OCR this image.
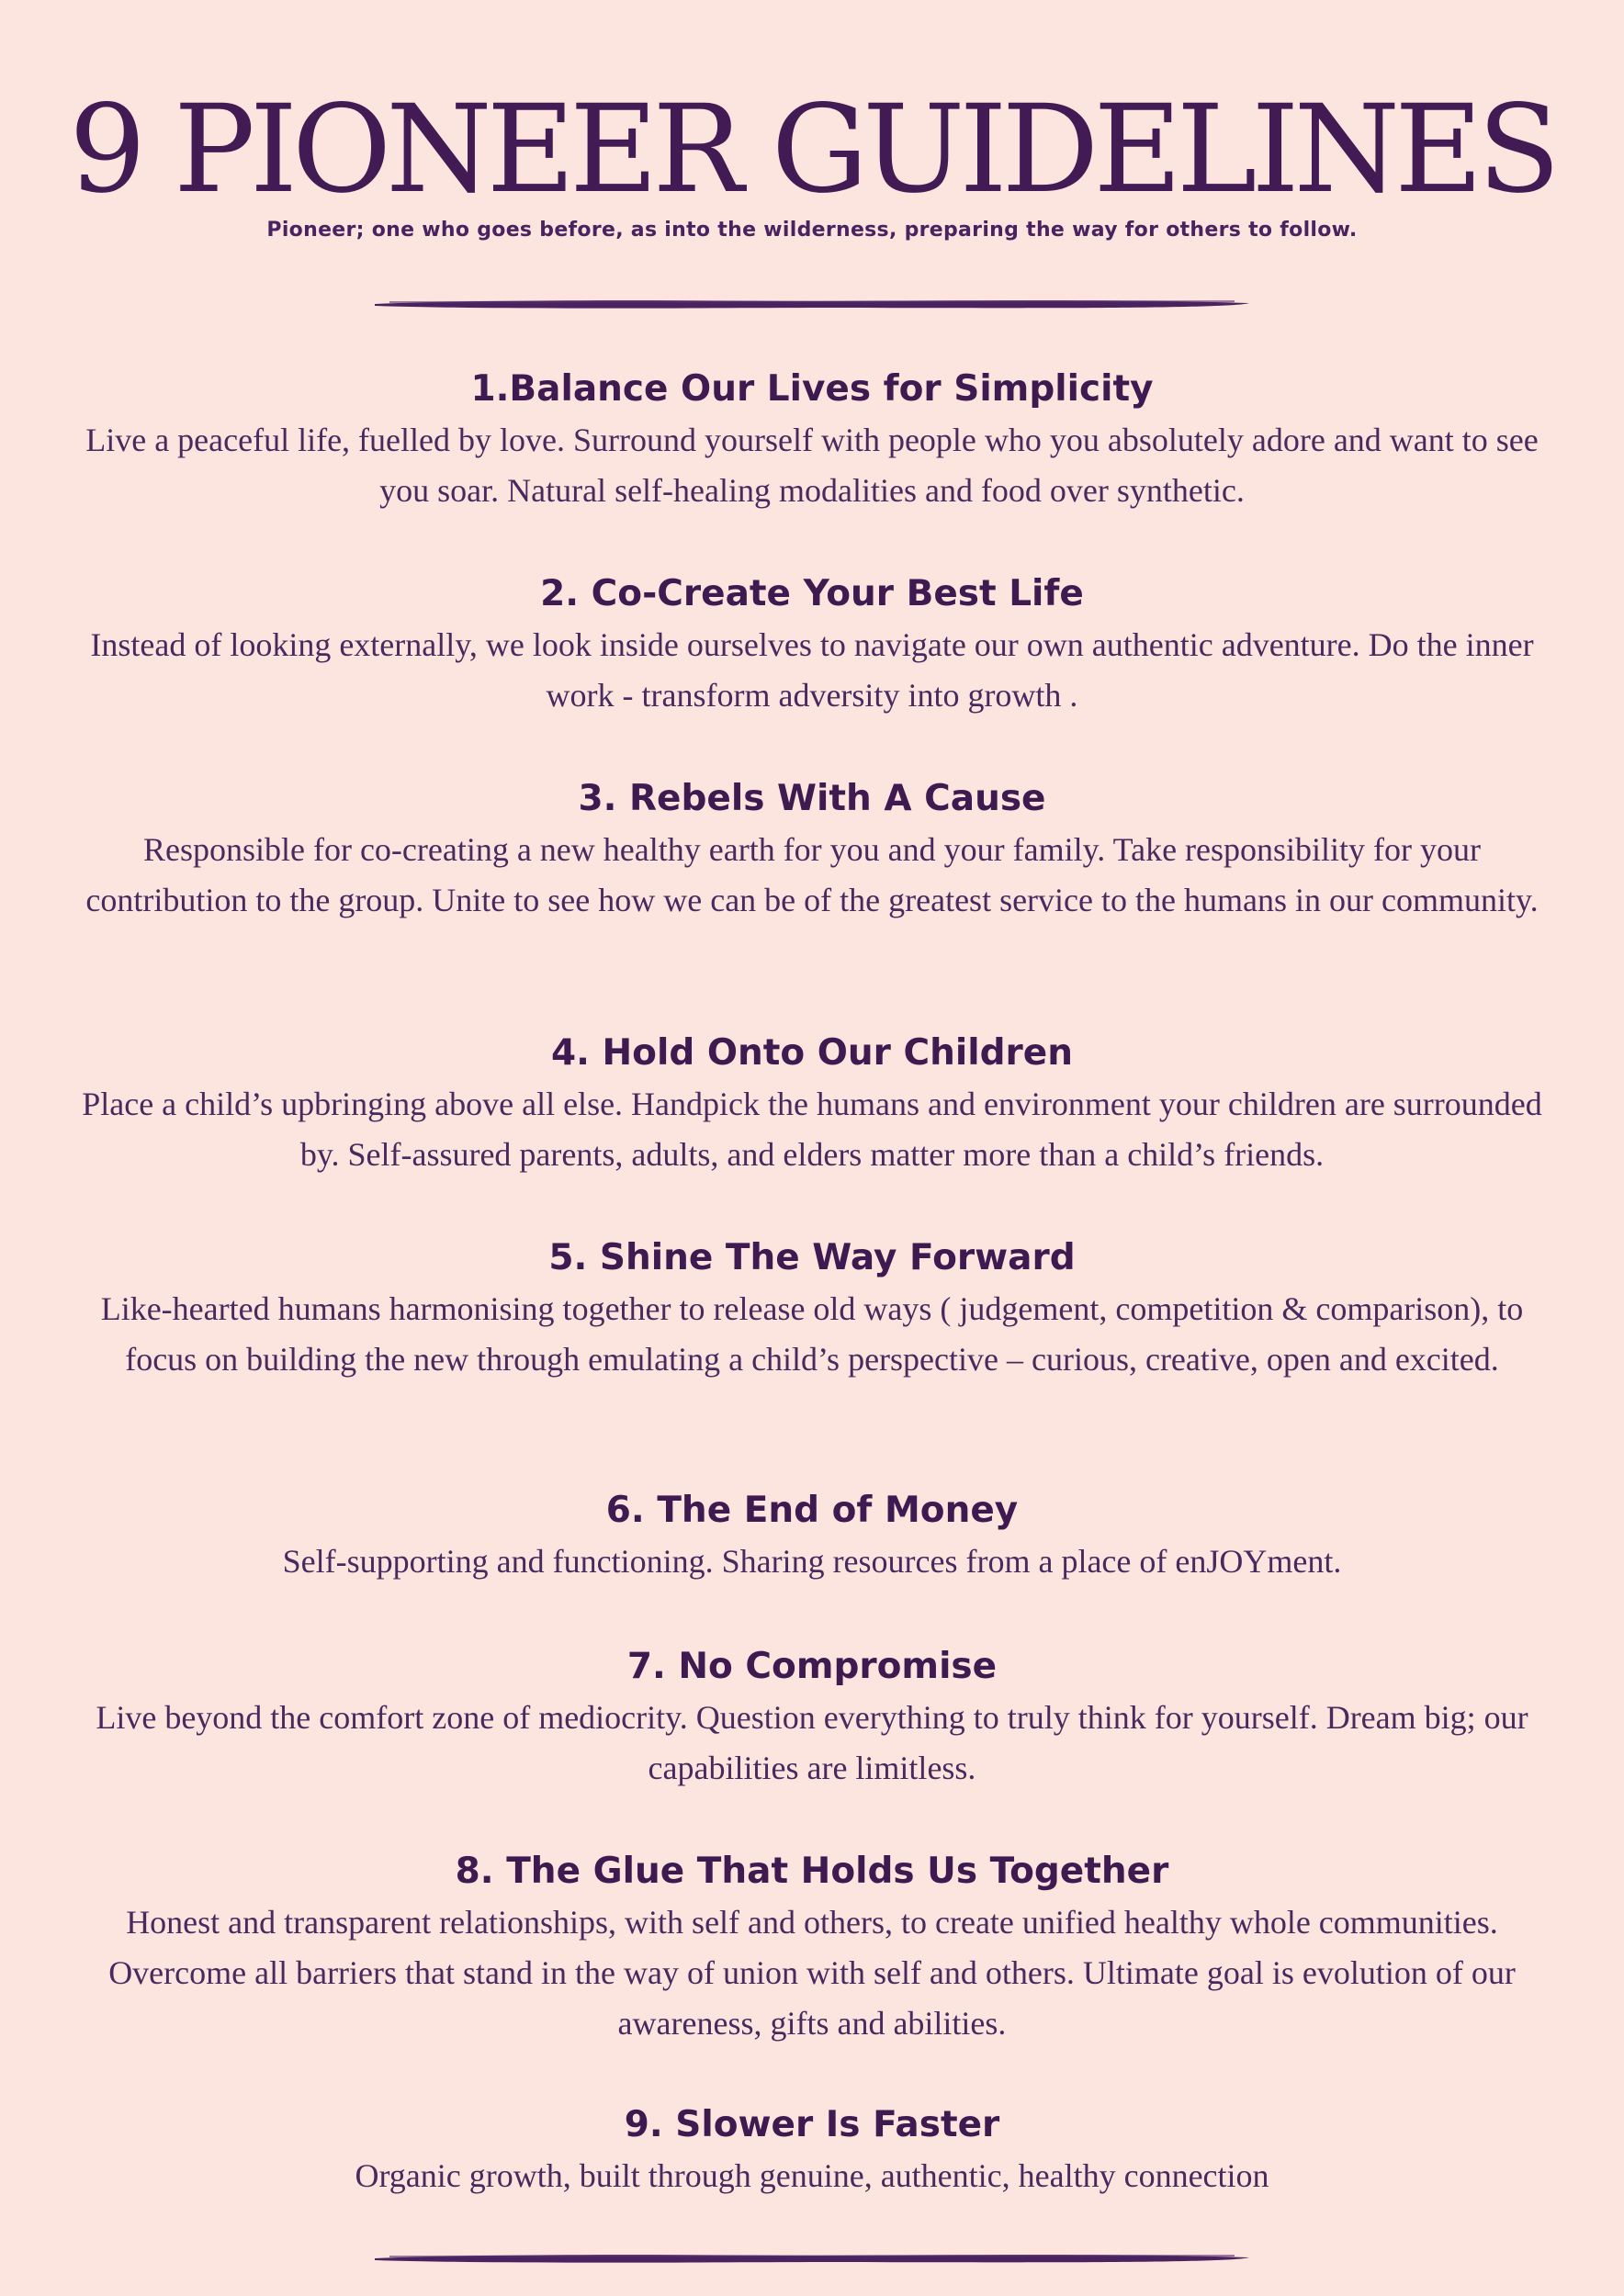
9 PIONEER GUIDELINES
Pioneer; one who goes before, as into the wilderness, preparing the way for others to follow.
1.Balance Our Lives for Simplicity

Live a peaceful life, fuelled by love. Surround yourself with people who you absolutely adore and want to see you soar. Natural self-healing modalities and food over synthetic.

2. Co-Create Your Best Life

Instead of looking externally, we look inside ourselves to navigate our own authentic adventure. Do the inner work - transform adversity into growth .

3. Rebels With A Cause

Responsible for co-creating a new healthy earth for you and your family. Take responsibility for your contribution to the group. Unite to see how we can be of the greatest service to the humans in our community.

4. Hold Onto Our Children

Place a child’s upbringing above all else. Handpick the humans and environment your children are surrounded by. Self-assured parents, adults, and elders matter more than a child’s friends.

5. Shine The Way Forward

Like-hearted humans harmonising together to release old ways ( judgement, competition & comparison), to focus on building the new through emulating a child’s perspective – curious, creative, open and excited.

6. The End of Money

Self-supporting and functioning. Sharing resources from a place of enJOYment.

7. No Compromise

Live beyond the comfort zone of mediocrity. Question everything to truly think for yourself. Dream big; our capabilities are limitless.

8. The Glue That Holds Us Together

Honest and transparent relationships, with self and others, to create unified healthy whole communities. Overcome all barriers that stand in the way of union with self and others. Ultimate goal is evolution of our awareness, gifts and abilities.

9. Slower Is Faster

Organic growth, built through genuine, authentic, healthy connection
